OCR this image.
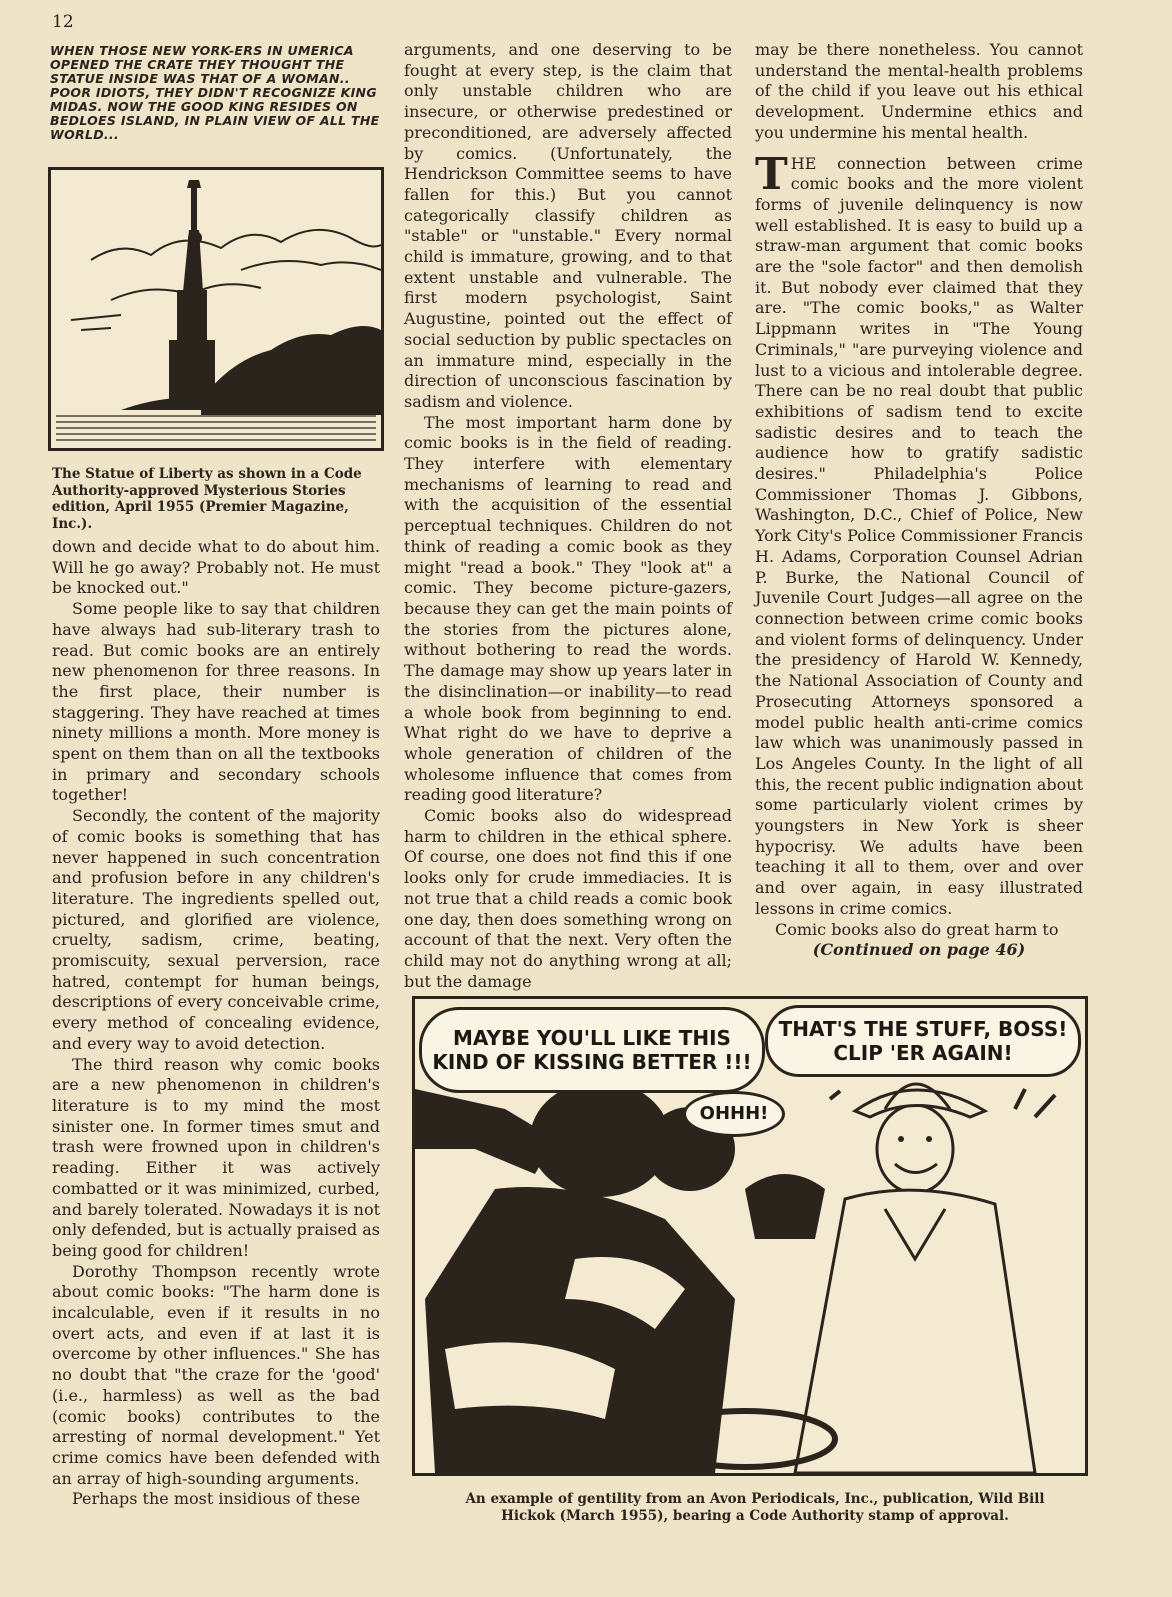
12
WHEN THOSE NEW YORK-ERS IN UMERICA OPENED THE CRATE THEY THOUGHT THE STATUE INSIDE WAS THAT OF A WOMAN.. POOR IDIOTS, THEY DIDN'T RECOGNIZE KING MIDAS. NOW THE GOOD KING RESIDES ON BEDLOES ISLAND, IN PLAIN VIEW OF ALL THE WORLD...
The Statue of Liberty as shown in a Code Authority-approved Mysterious Stories edition, April 1955 (Premier Magazine, Inc.).

down and decide what to do about him. Will he go away? Probably not. He must be knocked out."

Some people like to say that children have always had sub-literary trash to read. But comic books are an entirely new phenomenon for three reasons. In the first place, their number is staggering. They have reached at times ninety millions a month. More money is spent on them than on all the textbooks in primary and secondary schools together!

Secondly, the content of the majority of comic books is something that has never happened in such concentration and profusion before in any children's literature. The ingredients spelled out, pictured, and glorified are violence, cruelty, sadism, crime, beating, promiscuity, sexual perversion, race hatred, contempt for human beings, descriptions of every conceivable crime, every method of concealing evidence, and every way to avoid detection.

The third reason why comic books are a new phenomenon in children's literature is to my mind the most sinister one. In former times smut and trash were frowned upon in children's reading. Either it was actively combatted or it was minimized, curbed, and barely tolerated. Nowadays it is not only defended, but is actually praised as being good for children!

Dorothy Thompson recently wrote about comic books: "The harm done is incalculable, even if it results in no overt acts, and even if at last it is overcome by other influences." She has no doubt that "the craze for the 'good' (i.e., harmless) as well as the bad (comic books) contributes to the arresting of normal development." Yet crime comics have been defended with an array of high-sounding arguments.

Perhaps the most insidious of these

arguments, and one deserving to be fought at every step, is the claim that only unstable children who are insecure, or otherwise predestined or preconditioned, are adversely affected by comics. (Unfortunately, the Hendrickson Committee seems to have fallen for this.) But you cannot categorically classify children as "stable" or "unstable." Every normal child is immature, growing, and to that extent unstable and vulnerable. The first modern psychologist, Saint Augustine, pointed out the effect of social seduction by public spectacles on an immature mind, especially in the direction of unconscious fascination by sadism and violence.

The most important harm done by comic books is in the field of reading. They interfere with elementary mechanisms of learning to read and with the acquisition of the essential perceptual techniques. Children do not think of reading a comic book as they might "read a book." They "look at" a comic. They become picture-gazers, because they can get the main points of the stories from the pictures alone, without bothering to read the words. The damage may show up years later in the disinclination—or inability—to read a whole book from beginning to end. What right do we have to deprive a whole generation of children of the wholesome influence that comes from reading good literature?

Comic books also do widespread harm to children in the ethical sphere. Of course, one does not find this if one looks only for crude immediacies. It is not true that a child reads a comic book one day, then does something wrong on account of that the next. Very often the child may not do anything wrong at all; but the damage

may be there nonetheless. You cannot understand the mental-health problems of the child if you leave out his ethical development. Undermine ethics and you undermine his mental health.

THE connection between crime comic books and the more violent forms of juvenile delinquency is now well established. It is easy to build up a straw-man argument that comic books are the "sole factor" and then demolish it. But nobody ever claimed that they are. "The comic books," as Walter Lippmann writes in "The Young Criminals," "are purveying violence and lust to a vicious and intolerable degree. There can be no real doubt that public exhibitions of sadism tend to excite sadistic desires and to teach the audience how to gratify sadistic desires." Philadelphia's Police Commissioner Thomas J. Gibbons, Washington, D.C., Chief of Police, New York City's Police Commissioner Francis H. Adams, Corporation Counsel Adrian P. Burke, the National Council of Juvenile Court Judges—all agree on the connection between crime comic books and violent forms of delinquency. Under the presidency of Harold W. Kennedy, the National Association of County and Prosecuting Attorneys sponsored a model public health anti-crime comics law which was unanimously passed in Los Angeles County. In the light of all this, the recent public indignation about some particularly violent crimes by youngsters in New York is sheer hypocrisy. We adults have been teaching it all to them, over and over and over again, in easy illustrated lessons in crime comics.

Comic books also do great harm to

(Continued on page 46)

MAYBE YOU'LL LIKE THIS KIND OF KISSING BETTER !!!
THAT'S THE STUFF, BOSS! CLIP 'ER AGAIN!
OHHH!
An example of gentility from an Avon Periodicals, Inc., publication, Wild Bill Hickok (March 1955), bearing a Code Authority stamp of approval.
